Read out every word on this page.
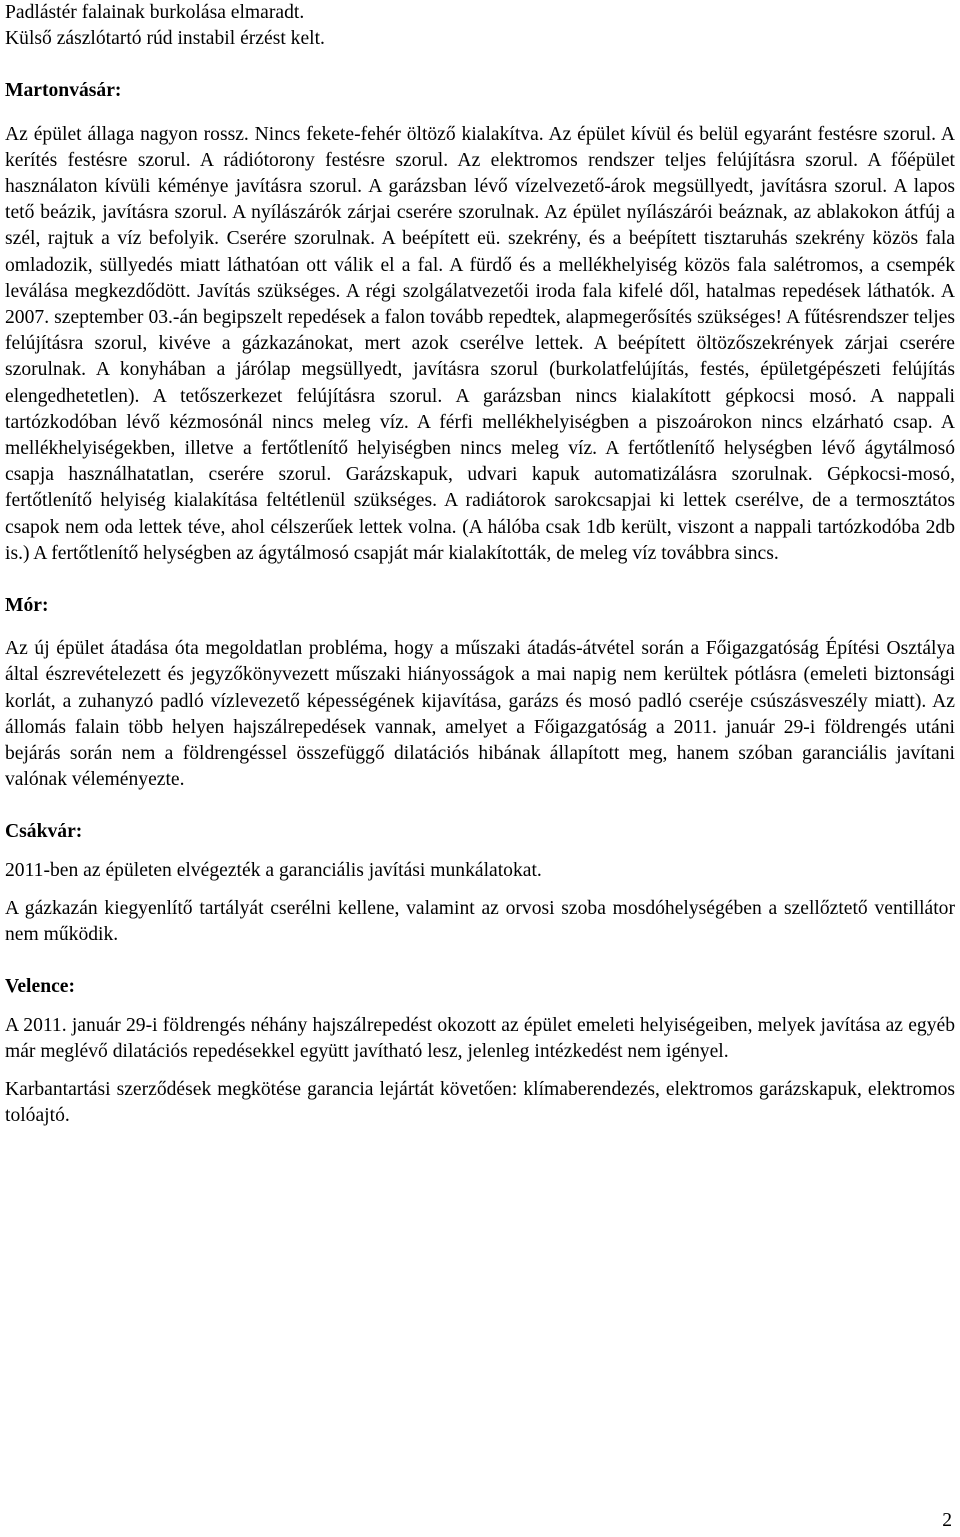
Padlástér falainak burkolása elmaradt.

Külső zászlótartó rúd instabil érzést kelt.

Martonvásár:

Az épület állaga nagyon rossz. Nincs fekete-fehér öltöző kialakítva. Az épület kívül és belül egyaránt festésre szorul. A kerítés festésre szorul. A rádiótorony festésre szorul. Az elektromos rendszer teljes felújításra szorul. A főépület használaton kívüli kéménye javításra szorul. A garázsban lévő vízelvezető-árok megsüllyedt, javításra szorul. A lapos tető beázik, javításra szorul. A nyílászárók zárjai cserére szorulnak. Az épület nyílászárói beáznak, az ablakokon átfúj a szél, rajtuk a víz befolyik. Cserére szorulnak. A beépített eü. szekrény, és a beépített tisztaruhás szekrény közös fala omladozik, süllyedés miatt láthatóan ott válik el a fal. A fürdő és a mellékhelyiség közös fala salétromos, a csempék leválása megkezdődött. Javítás szükséges. A régi szolgálatvezetői iroda fala kifelé dől, hatalmas repedések láthatók. A 2007. szeptember 03.-án begipszelt repedések a falon tovább repedtek, alapmegerősítés szükséges! A fűtésrendszer teljes felújításra szorul, kivéve a gázkazánokat, mert azok cserélve lettek. A beépített öltözőszekrények zárjai cserére szorulnak. A konyhában a járólap megsüllyedt, javításra szorul (burkolatfelújítás, festés, épületgépészeti felújítás elengedhetetlen). A tetőszerkezet felújításra szorul. A garázsban nincs kialakított gépkocsi mosó. A nappali tartózkodóban lévő kézmosónál nincs meleg víz. A férfi mellékhelyiségben a piszoárokon nincs elzárható csap. A mellékhelyiségekben, illetve a fertőtlenítő helyiségben nincs meleg víz. A fertőtlenítő helységben lévő ágytálmosó csapja használhatatlan, cserére szorul. Garázskapuk, udvari kapuk automatizálásra szorulnak. Gépkocsi-mosó, fertőtlenítő helyiség kialakítása feltétlenül szükséges. A radiátorok sarokcsapjai ki lettek cserélve, de a termosztátos csapok nem oda lettek téve, ahol célszerűek lettek volna. (A hálóba csak 1db került, viszont a nappali tartózkodóba 2db is.) A fertőtlenítő helységben az ágytálmosó csapját már kialakították, de meleg víz továbbra sincs.

Mór:

Az új épület átadása óta megoldatlan probléma, hogy a műszaki átadás-átvétel során a Főigazgatóság Építési Osztálya által észrevételezett és jegyzőkönyvezett műszaki hiányosságok a mai napig nem kerültek pótlásra (emeleti biztonsági korlát, a zuhanyzó padló vízlevezető képességének kijavítása, garázs és mosó padló cseréje csúszásveszély miatt). Az állomás falain több helyen hajszálrepedések vannak, amelyet a Főigazgatóság a 2011. január 29-i földrengés utáni bejárás során nem a földrengéssel összefüggő dilatációs hibának állapított meg, hanem szóban garanciális javítani valónak véleményezte.

Csákvár:

2011-ben az épületen elvégezték a garanciális javítási munkálatokat.

A gázkazán kiegyenlítő tartályát cserélni kellene, valamint az orvosi szoba mosdóhelységében a szellőztető ventillátor nem működik.

Velence:

A 2011. január 29-i földrengés néhány hajszálrepedést okozott az épület emeleti helyiségeiben, melyek javítása az egyéb már meglévő dilatációs repedésekkel együtt javítható lesz, jelenleg intézkedést nem igényel.

Karbantartási szerződések megkötése garancia lejártát követően: klímaberendezés, elektromos garázskapuk, elektromos tolóajtó.

2
